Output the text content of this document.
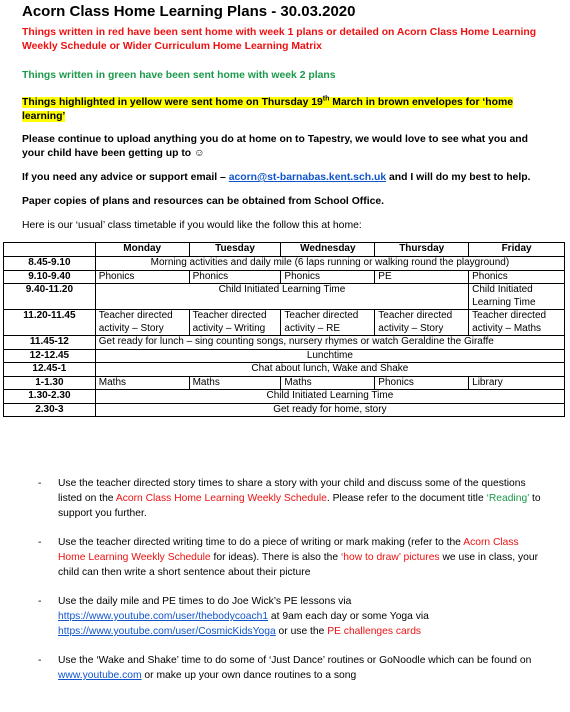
Acorn Class Home Learning Plans - 30.03.2020
Things written in red have been sent home with week 1 plans or detailed on Acorn Class Home Learning Weekly Schedule or Wider Curriculum Home Learning Matrix
Things written in green have been sent home with week 2 plans
Things highlighted in yellow were sent home on Thursday 19th March in brown envelopes for ‘home learning’
Please continue to upload anything you do at home on to Tapestry, we would love to see what you and your child have been getting up to ☺
If you need any advice or support email – acorn@st-barnabas.kent.sch.uk and I will do my best to help.
Paper copies of plans and resources can be obtained from School Office.
Here is our ‘usual’ class timetable if you would like the follow this at home:
	Monday	Tuesday	Wednesday	Thursday	Friday
8.45-9.10	Morning activities and daily mile (6 laps running or walking round the playground)				
9.10-9.40	Phonics	Phonics	Phonics	PE	Phonics
9.40-11.20	Child Initiated Learning Time				Child Initiated Learning Time
11.20-11.45	Teacher directed activity – Story	Teacher directed activity – Writing	Teacher directed activity – RE	Teacher directed activity – Story	Teacher directed activity – Maths
11.45-12	Get ready for lunch – sing counting songs, nursery rhymes or watch Geraldine the Giraffe				
12-12.45	Lunchtime				
12.45-1	Chat about lunch, Wake and Shake				
1-1.30	Maths	Maths	Maths	Phonics	Library
1.30-2.30	Child Initiated Learning Time				
2.30-3	Get ready for home, story				
- Use the teacher directed story times to share a story with your child and discuss some of the questions listed on the Acorn Class Home Learning Weekly Schedule. Please refer to the document title ‘Reading’ to support you further.
- Use the teacher directed writing time to do a piece of writing or mark making (refer to the Acorn Class Home Learning Weekly Schedule for ideas). There is also the ‘how to draw’ pictures we use in class, your child can then write a short sentence about their picture
- Use the daily mile and PE times to do Joe Wick’s PE lessons via https://www.youtube.com/user/thebodycoach1 at 9am each day or some Yoga via https://www.youtube.com/user/CosmicKidsYoga or use the PE challenges cards
- Use the ‘Wake and Shake’ time to do some of ‘Just Dance’ routines or GoNoodle which can be found on www.youtube.com or make up your own dance routines to a song
